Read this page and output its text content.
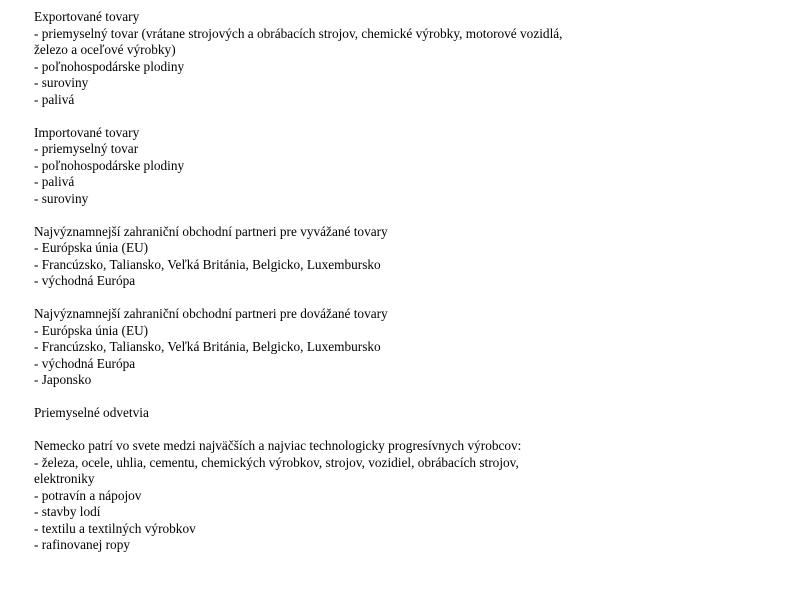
Exportované tovary
- priemyselný tovar (vrátane strojových a obrábacích strojov, chemické výrobky, motorové vozidlá, železo a oceľové výrobky)
- poľnohospodárske plodiny
- suroviny
- palivá
Importované tovary
- priemyselný tovar
- poľnohospodárske plodiny
- palivá
- suroviny
Najvýznamnejší zahraniční obchodní partneri pre vyvážané tovary
- Európska únia (EU)
- Francúzsko, Taliansko, Veľká Británia, Belgicko, Luxembursko
- východná Európa
Najvýznamnejší zahraniční obchodní partneri pre dovážané tovary
- Európska únia (EU)
- Francúzsko, Taliansko, Veľká Británia, Belgicko, Luxembursko
- východná Európa
- Japonsko
Priemyselné odvetvia
Nemecko patrí vo svete medzi najväčších a najviac technologicky progresívnych výrobcov:
- železa, ocele, uhlia, cementu, chemických výrobkov, strojov, vozidiel, obrábacích strojov, elektroniky
- potravín a nápojov
- stavby lodí
- textilu a textilných výrobkov
- rafinovanej ropy
